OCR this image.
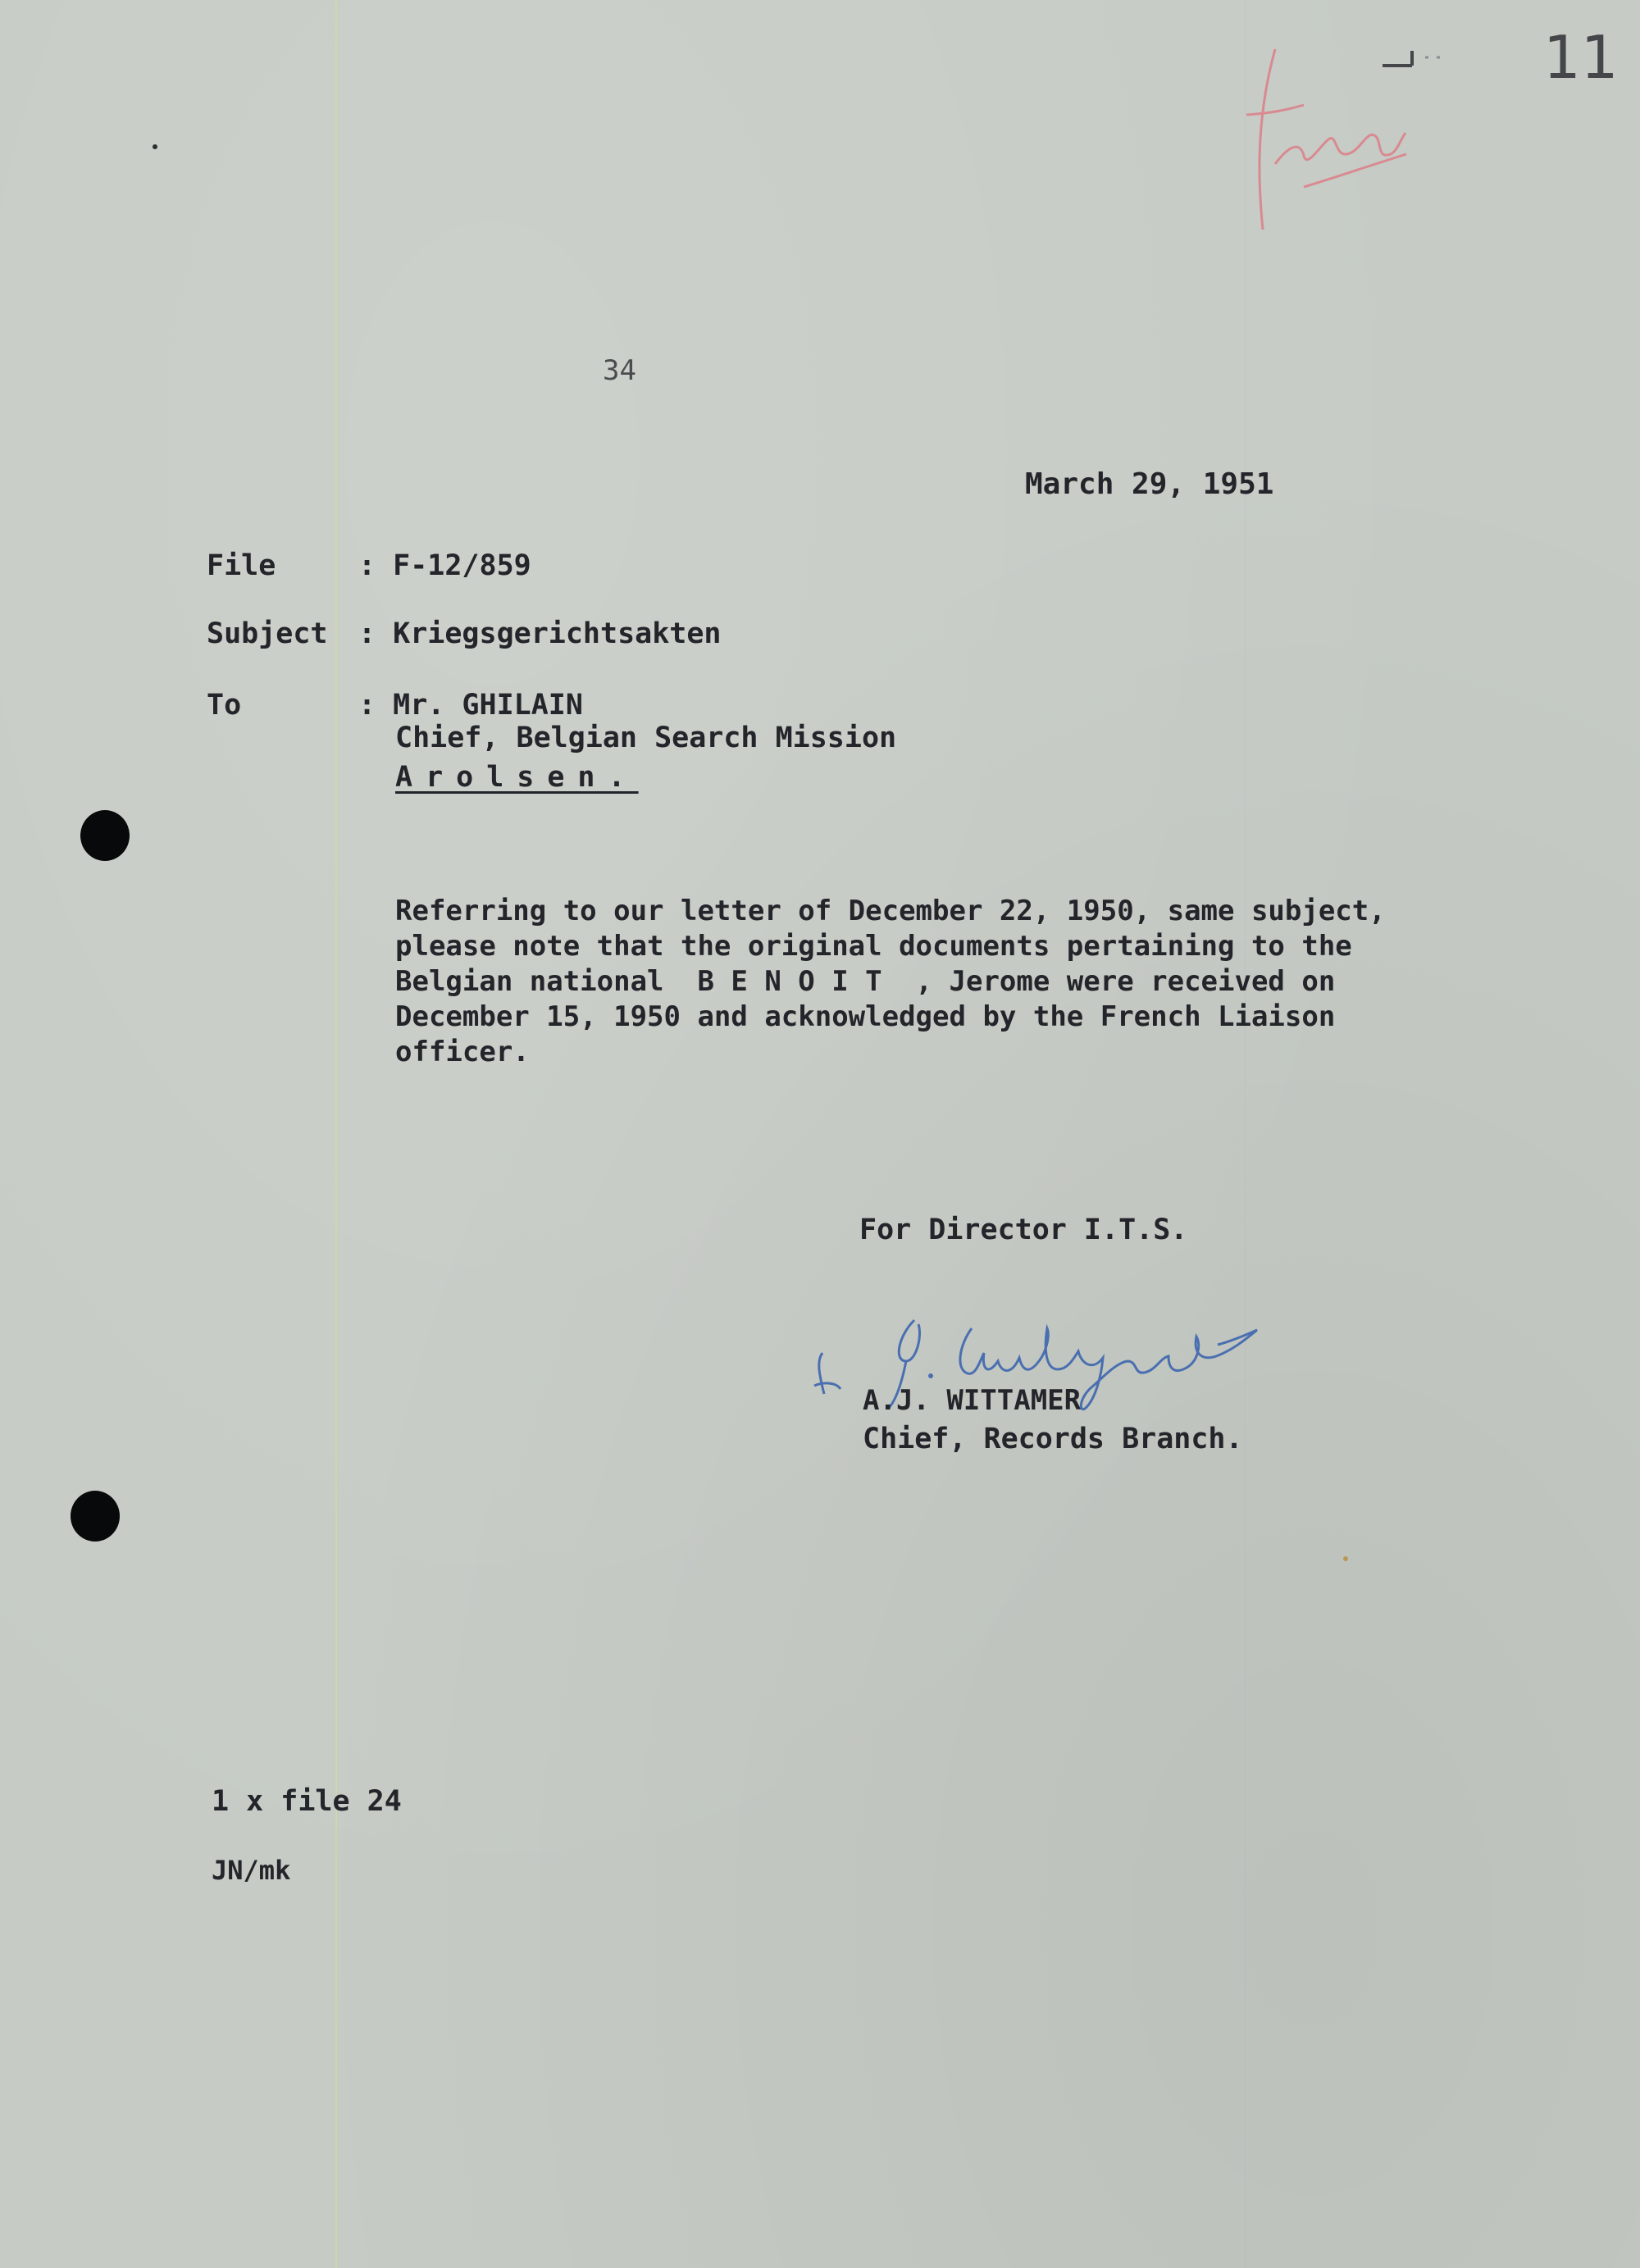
11
34
March 29, 1951
File	: F-12/859
Subject : Kriegsgerichtsakten
To	: Mr. GHILAIN
Chief, Belgian Search Mission
Arolsen.
Referring to our letter of December 22, 1950, same subject,
please note that the original documents pertaining to the
Belgian national  B E N O I T  , Jerome were received on
December 15, 1950 and acknowledged by the French Liaison
officer.
For Director I.T.S.
A.J. WITTAMER
Chief, Records Branch.
1 x file 24
JN/mk
